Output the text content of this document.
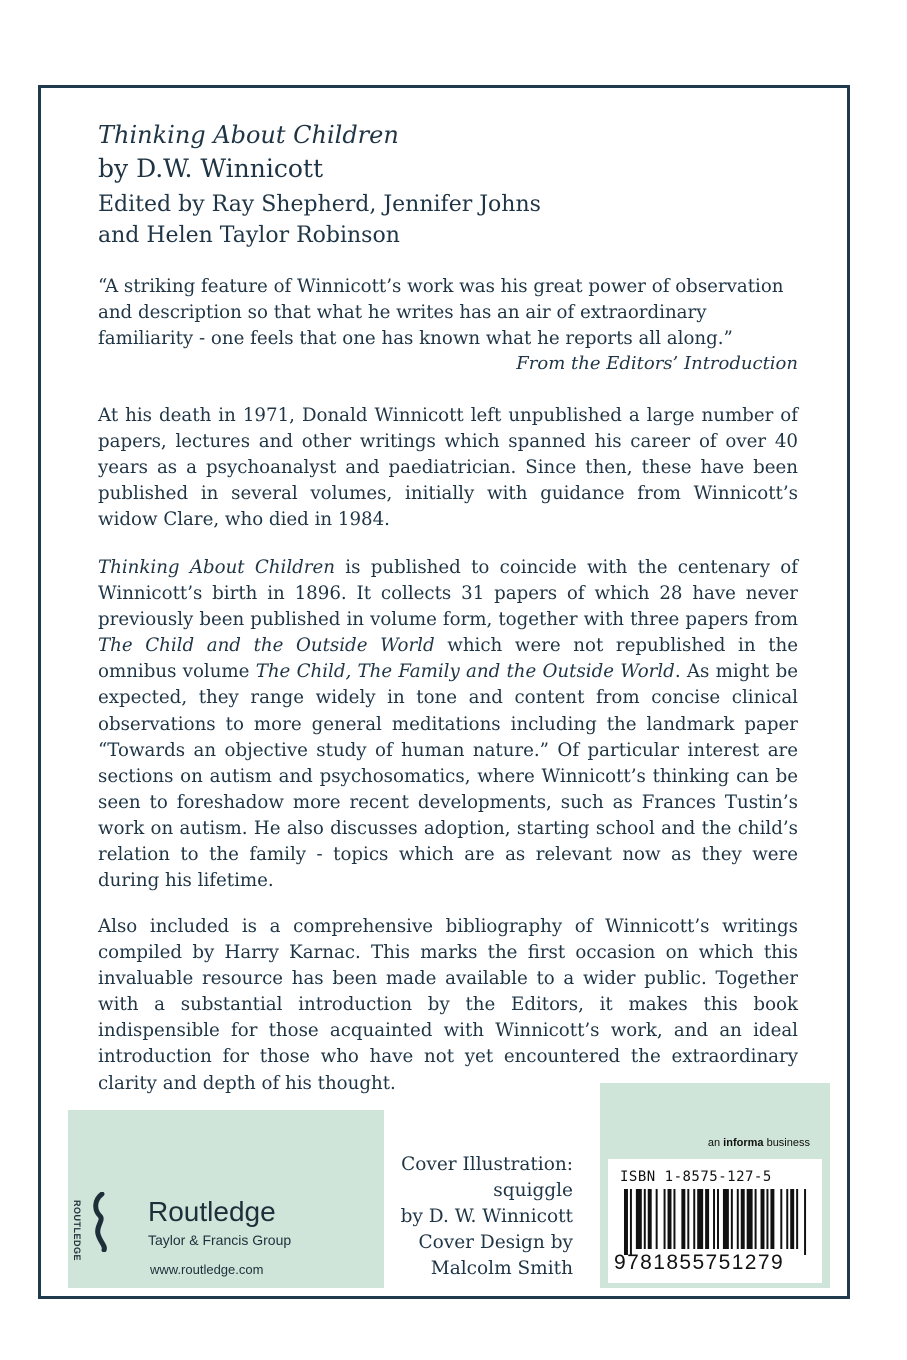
Thinking About Children
by D.W. Winnicott
Edited by Ray Shepherd, Jennifer Johns
and Helen Taylor Robinson
“A striking feature of Winnicott’s work was his great power of observation and description so that what he writes has an air of extraordinary familiarity - one feels that one has known what he reports all along.”
From the Editors’ Introduction
At his death in 1971, Donald Winnicott left unpublished a large number of papers, lectures and other writings which spanned his career of over 40 years as a psychoanalyst and paediatrician. Since then, these have been published in several volumes, initially with guidance from Winnicott’s widow Clare, who died in 1984.
Thinking About Children is published to coincide with the centenary of Winnicott’s birth in 1896. It collects 31 papers of which 28 have never previously been published in volume form, together with three papers from The Child and the Outside World which were not republished in the omnibus volume The Child, The Family and the Outside World. As might be expected, they range widely in tone and content from concise clinical observations to more general meditations including the landmark paper “Towards an objective study of human nature.” Of particular interest are sections on autism and psychosomatics, where Winnicott’s thinking can be seen to foreshadow more recent developments, such as Frances Tustin’s work on autism. He also discusses adoption, starting school and the child’s relation to the family - topics which are as relevant now as they were during his lifetime.
Also included is a comprehensive bibliography of Winnicott’s writings compiled by Harry Karnac. This marks the first occasion on which this invaluable resource has been made available to a wider public. Together with a substantial introduction by the Editors, it makes this book indispensible for those acquainted with Winnicott’s work, and an ideal introduction for those who have not yet encountered the extraordinary clarity and depth of his thought.
ROUTLEDGE Routledge
Taylor & Francis Group
www.routledge.com
Cover Illustration:
squiggle
by D. W. Winnicott
Cover Design by
Malcolm Smith
an informa business
ISBN 1-8575-127-5
9781855751279
